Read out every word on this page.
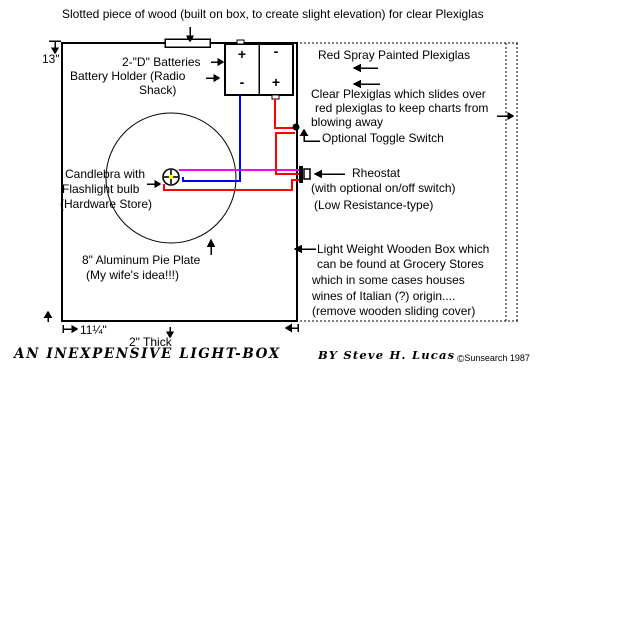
Slotted piece of wood (built on box, to create slight elevation) for clear Plexiglas
2-"D" Batteries
Battery Holder (Radio
Shack)
+
-
-
+
13"	Red Spray Painted Plexiglas
Clear Plexiglas which slides over
red plexiglas to keep charts from
blowing away
Optional Toggle Switch
Rheostat
(with optional on/off switch)
(Low Resistance-type)
Candlebra with
Flashlight bulb
(Hardware Store)
8" Aluminum Pie Plate
(My wife's idea!!!)
Light Weight Wooden Box which
can be found at Grocery Stores
which in some cases houses
wines of Italian (?) origin....
(remove wooden sliding cover)
11¼"
2" Thick
AN INEXPENSIVE LIGHT-BOX	BY Steve H. Lucas ©Sunsearch 1987
